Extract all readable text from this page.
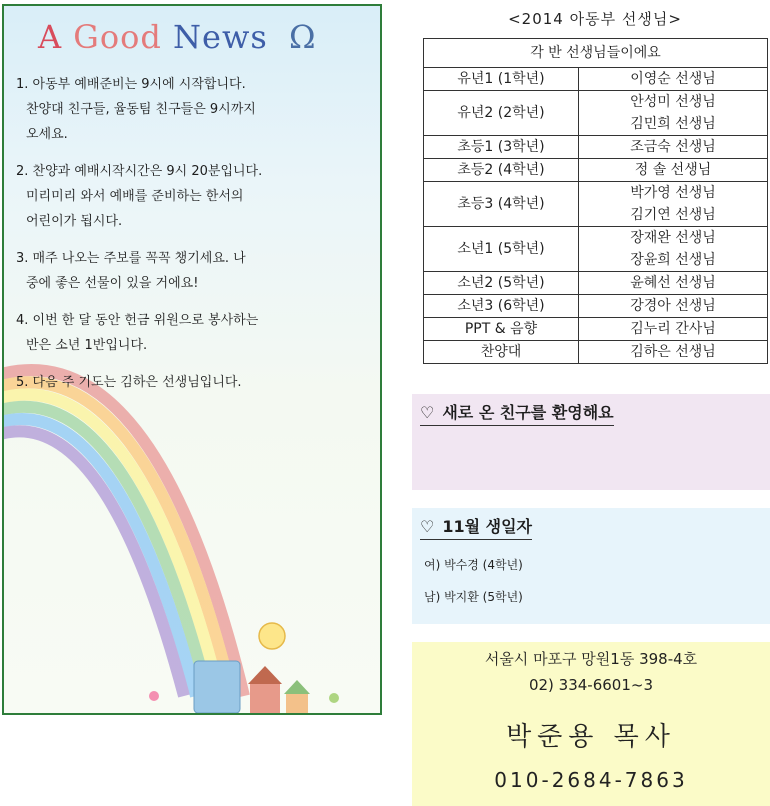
A Good News Ω
1. 아동부 예배준비는 9시에 시작합니다.
찬양대 친구들, 율동팀 친구들은 9시까지
오세요.
2. 찬양과 예배시작시간은 9시 20분입니다.
미리미리 와서 예배를 준비하는 한서의
어린이가 됩시다.
3. 매주 나오는 주보를 꼭꼭 챙기세요. 나
중에 좋은 선물이 있을 거에요!
4. 이번 한 달 동안 헌금 위원으로 봉사하는
반은 소년 1반입니다.
5. 다음 주 기도는 김하은 선생님입니다.
<2014 아동부 선생님>
각 반 선생님들이에요	
유년1 (1학년)	이영순 선생님

유년2 (2학년)	안성미 선생님
김민희 선생님

초등1 (3학년)	조금숙 선생님

초등2 (4학년)	정 솔 선생님

초등3 (4학년)	박가영 선생님
김기연 선생님

소년1 (5학년)	장재완 선생님
장윤희 선생님

소년2 (5학년)	윤혜선 선생님

소년3 (6학년)	강경아 선생님

PPT & 음향	김누리 간사님

찬양대	김하은 선생님
♡ 새로 온 친구를 환영해요
♡ 11월 생일자
여) 박수경 (4학년)
남) 박지환 (5학년)
서울시 마포구 망원1동 398-4호
02) 334-6601~3
박준용 목사
010-2684-7863
